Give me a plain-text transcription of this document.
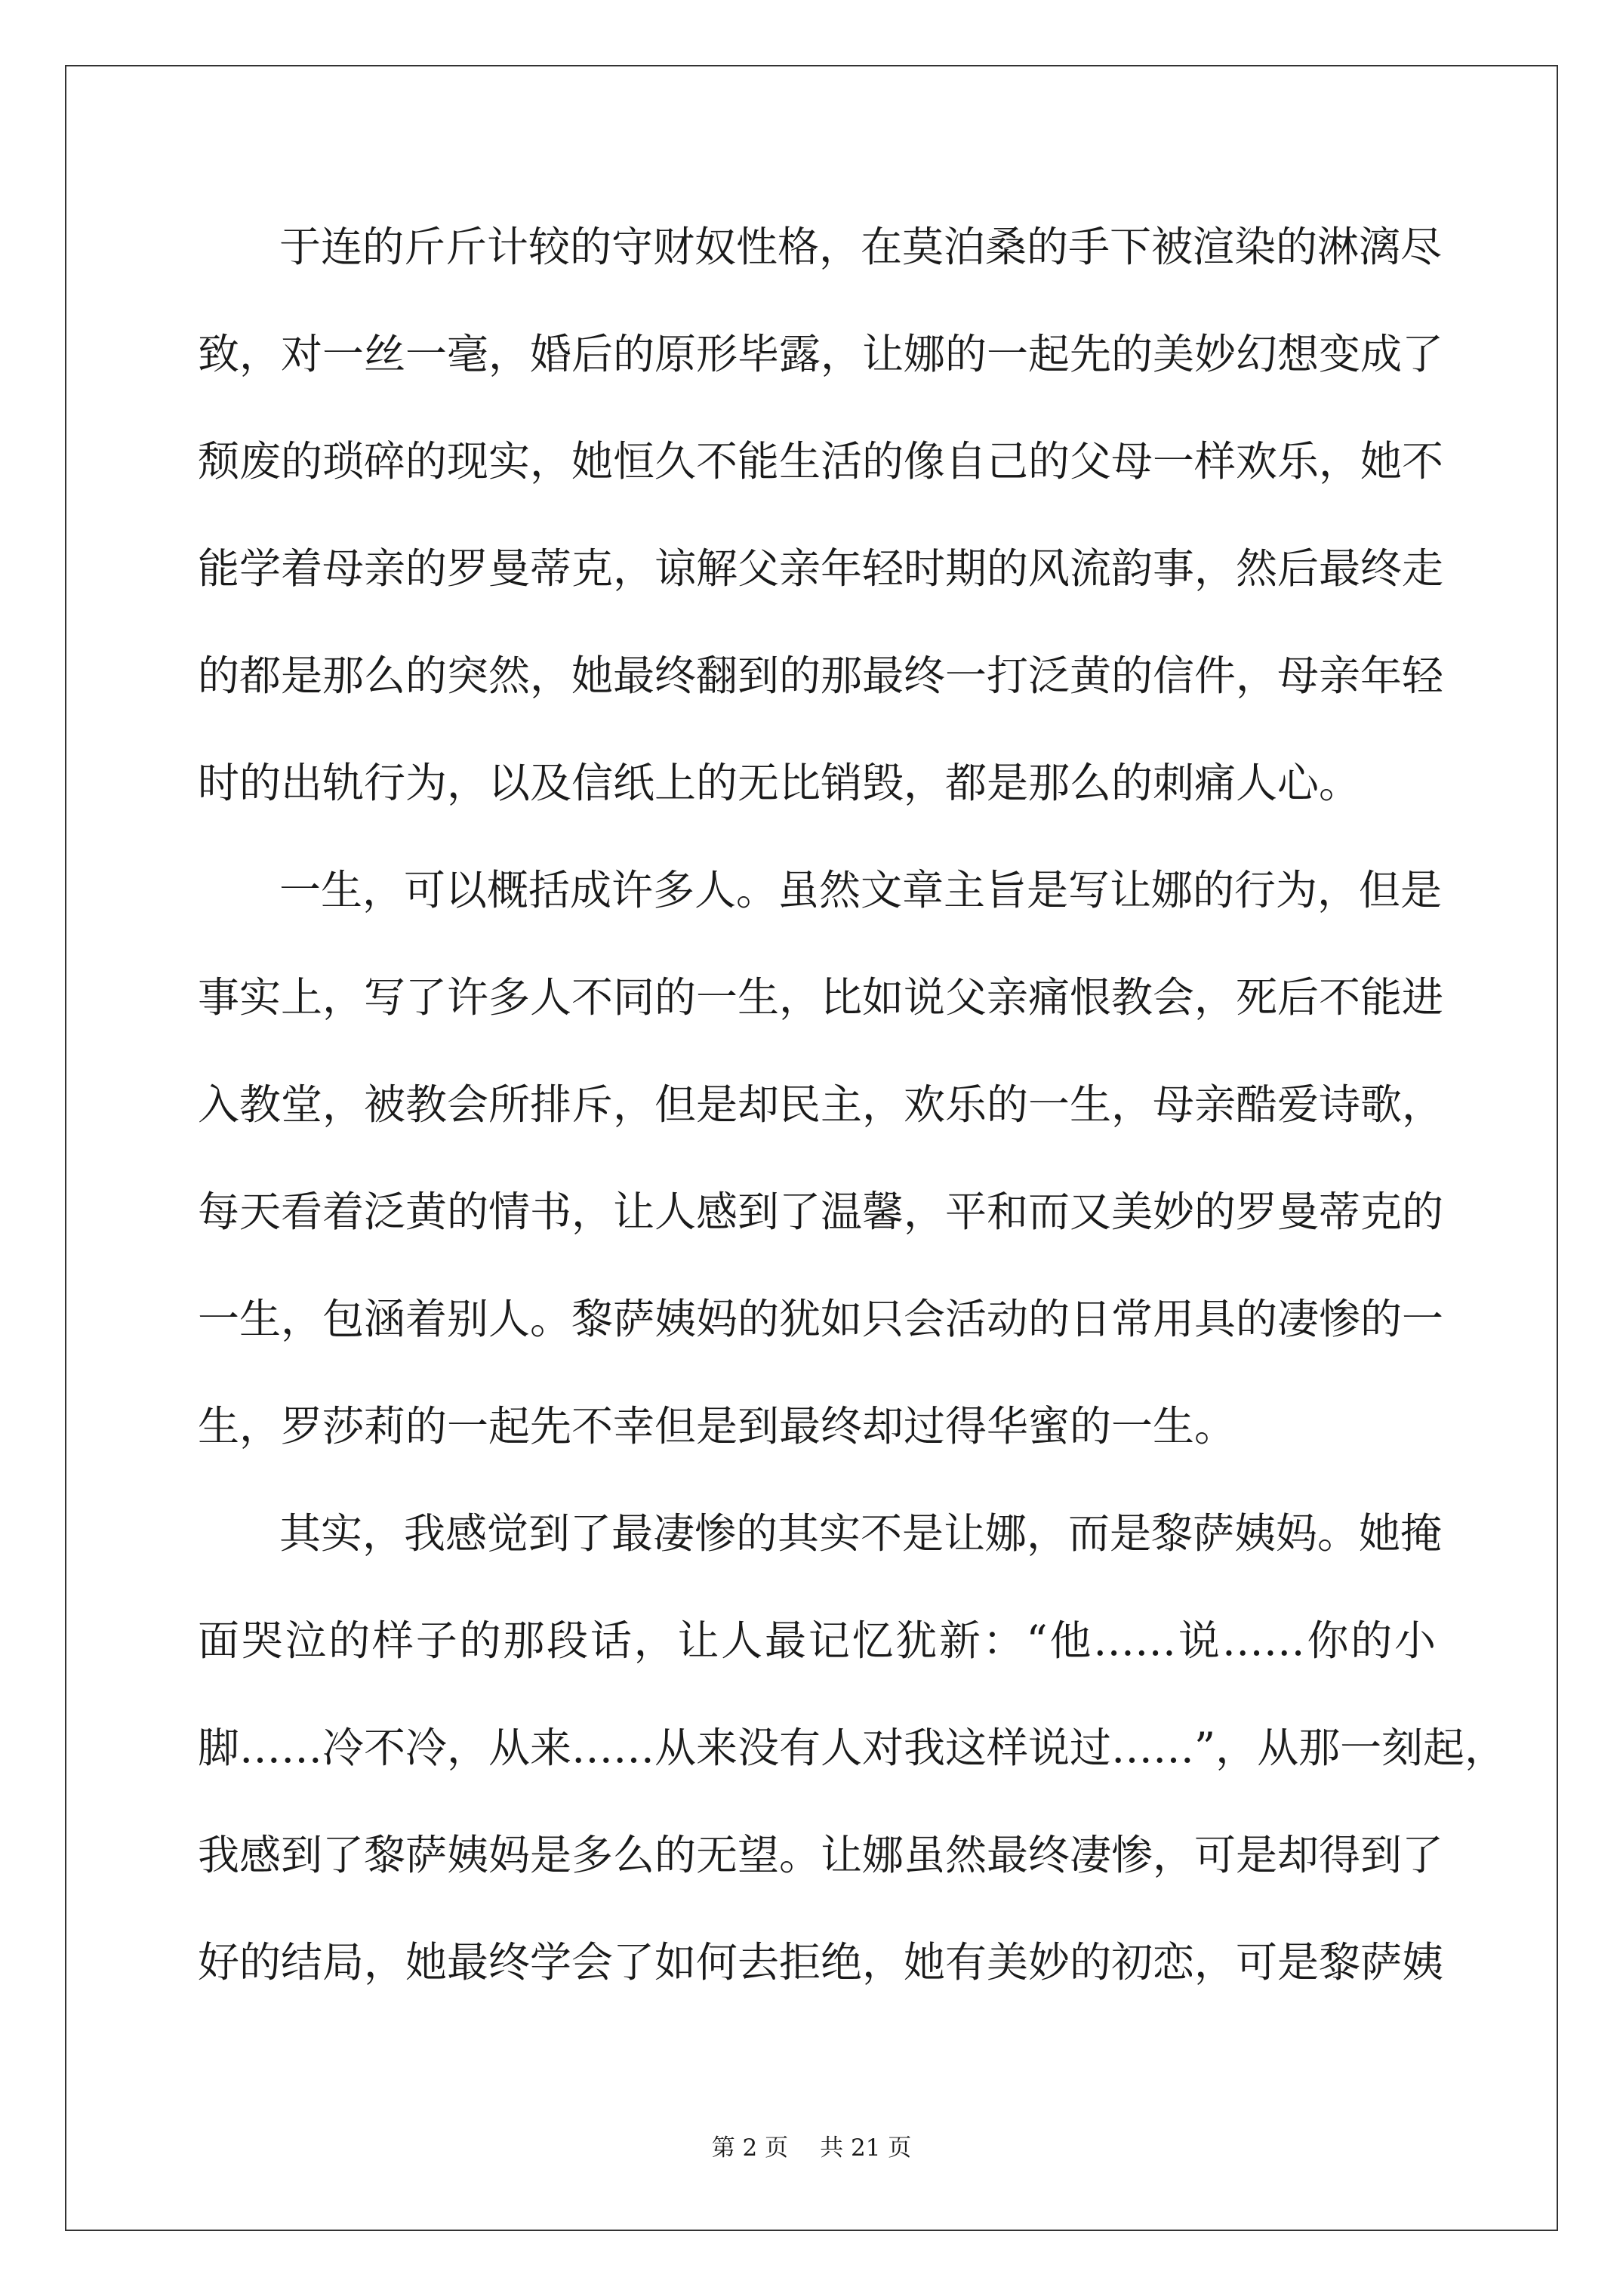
于连的斤斤计较的守财奴性格，在莫泊桑的手下被渲染的淋漓尽
致，对一丝一毫，婚后的原形毕露，让娜的一起先的美妙幻想变成了
颓废的琐碎的现实，她恒久不能生活的像自己的父母一样欢乐，她不
能学着母亲的罗曼蒂克，谅解父亲年轻时期的风流韵事，然后最终走
的都是那么的突然，她最终翻到的那最终一打泛黄的信件，母亲年轻
时的出轨行为，以及信纸上的无比销毁，都是那么的刺痛人心。
一生，可以概括成许多人。虽然文章主旨是写让娜的行为，但是
事实上，写了许多人不同的一生，比如说父亲痛恨教会，死后不能进
入教堂，被教会所排斥，但是却民主，欢乐的一生，母亲酷爱诗歌，
每天看着泛黄的情书，让人感到了温馨，平和而又美妙的罗曼蒂克的
一生，包涵着别人。黎萨姨妈的犹如只会活动的日常用具的凄惨的一
生，罗莎莉的一起先不幸但是到最终却过得华蜜的一生。
其实，我感觉到了最凄惨的其实不是让娜，而是黎萨姨妈。她掩
面哭泣的样子的那段话，让人最记忆犹新：“他……说……你的小
脚……冷不冷，从来……从来没有人对我这样说过……”，从那一刻起，
我感到了黎萨姨妈是多么的无望。让娜虽然最终凄惨，可是却得到了
好的结局，她最终学会了如何去拒绝，她有美妙的初恋，可是黎萨姨
第 2 页 共 21 页
